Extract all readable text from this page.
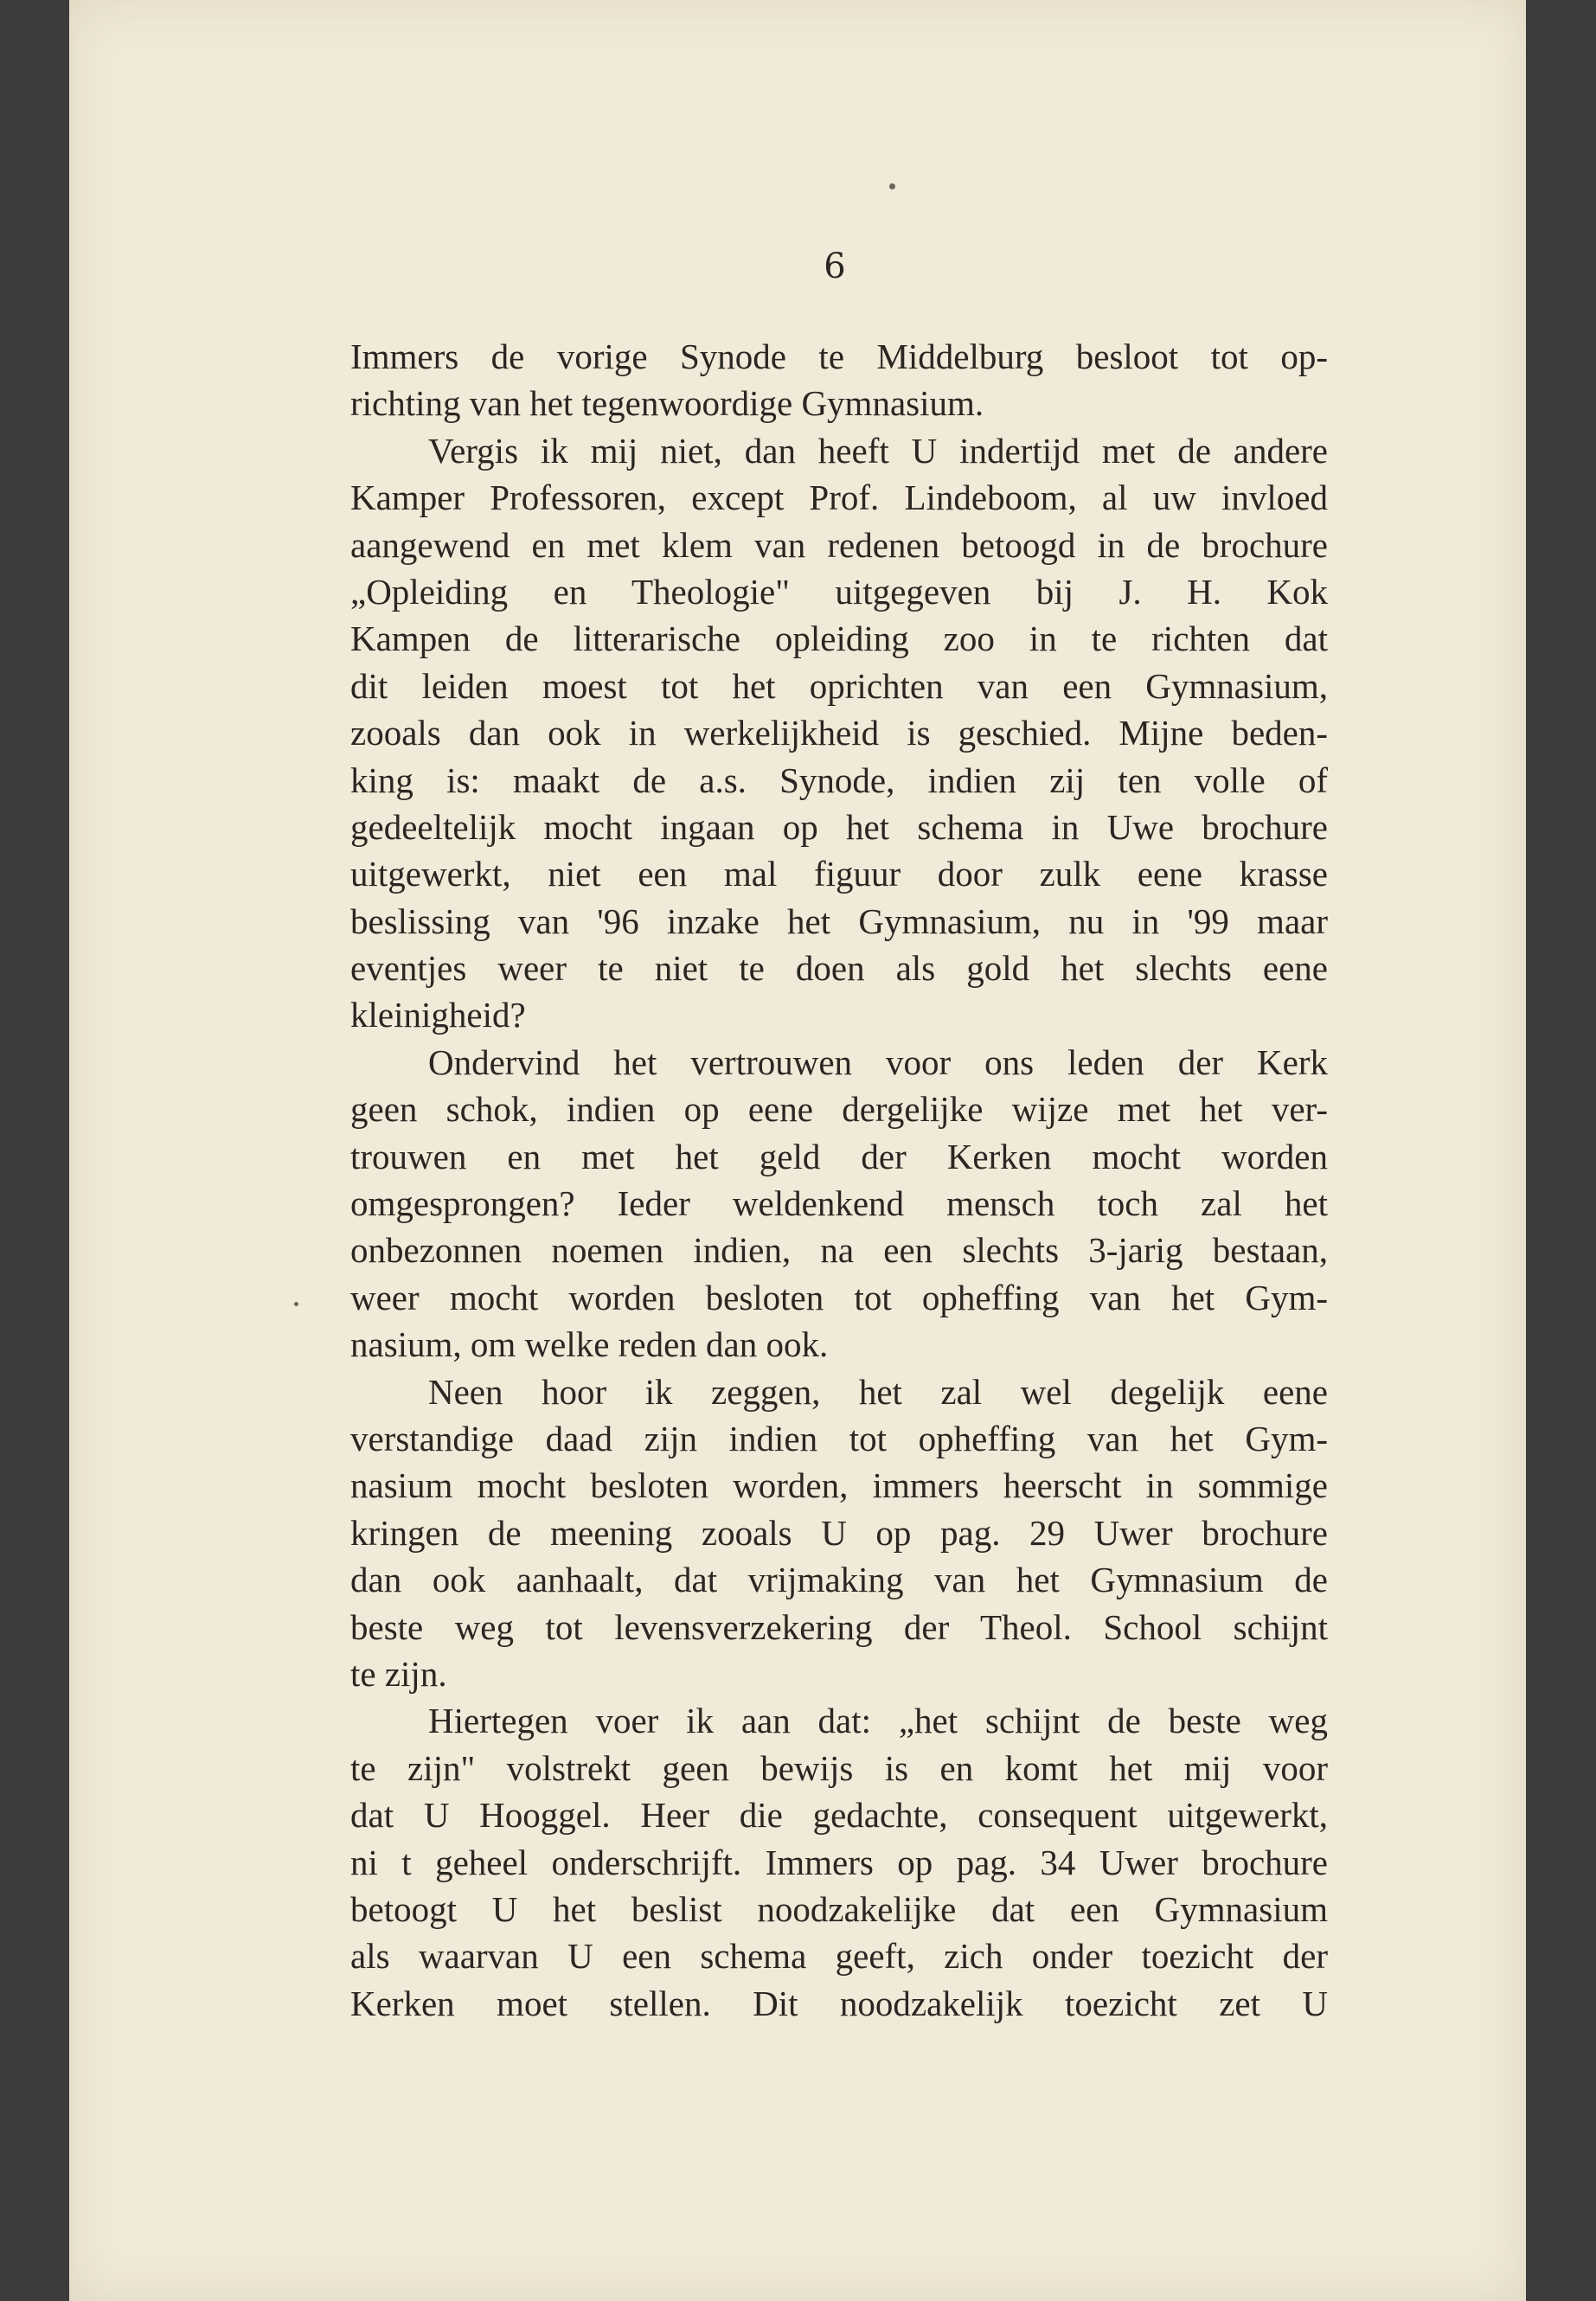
6
Immers de vorige Synode te Middelburg besloot tot op-
richting van het tegenwoordige Gymnasium.
Vergis ik mij niet, dan heeft U indertijd met de andere
Kamper Professoren, except Prof. Lindeboom, al uw invloed
aangewend en met klem van redenen betoogd in de brochure
„Opleiding en Theologie" uitgegeven bij J. H. Kok
Kampen de litterarische opleiding zoo in te richten dat
dit leiden moest tot het oprichten van een Gymnasium,
zooals dan ook in werkelijkheid is geschied. Mijne beden-
king is: maakt de a.s. Synode, indien zij ten volle of
gedeeltelijk mocht ingaan op het schema in Uwe brochure
uitgewerkt, niet een mal figuur door zulk eene krasse
beslissing van '96 inzake het Gymnasium, nu in '99 maar
eventjes weer te niet te doen als gold het slechts eene
kleinigheid?
Ondervind het vertrouwen voor ons leden der Kerk
geen schok, indien op eene dergelijke wijze met het ver-
trouwen en met het geld der Kerken mocht worden
omgesprongen? Ieder weldenkend mensch toch zal het
onbezonnen noemen indien, na een slechts 3-jarig bestaan,
weer mocht worden besloten tot opheffing van het Gym-
nasium, om welke reden dan ook.
Neen hoor ik zeggen, het zal wel degelijk eene
verstandige daad zijn indien tot opheffing van het Gym-
nasium mocht besloten worden, immers heerscht in sommige
kringen de meening zooals U op pag. 29 Uwer brochure
dan ook aanhaalt, dat vrijmaking van het Gymnasium de
beste weg tot levensverzekering der Theol. School schijnt
te zijn.
Hiertegen voer ik aan dat: „het schijnt de beste weg
te zijn" volstrekt geen bewijs is en komt het mij voor
dat U Hooggel. Heer die gedachte, consequent uitgewerkt,
ni t geheel onderschrijft. Immers op pag. 34 Uwer brochure
betoogt U het beslist noodzakelijke dat een Gymnasium
als waarvan U een schema geeft, zich onder toezicht der
Kerken moet stellen. Dit noodzakelijk toezicht zet U
